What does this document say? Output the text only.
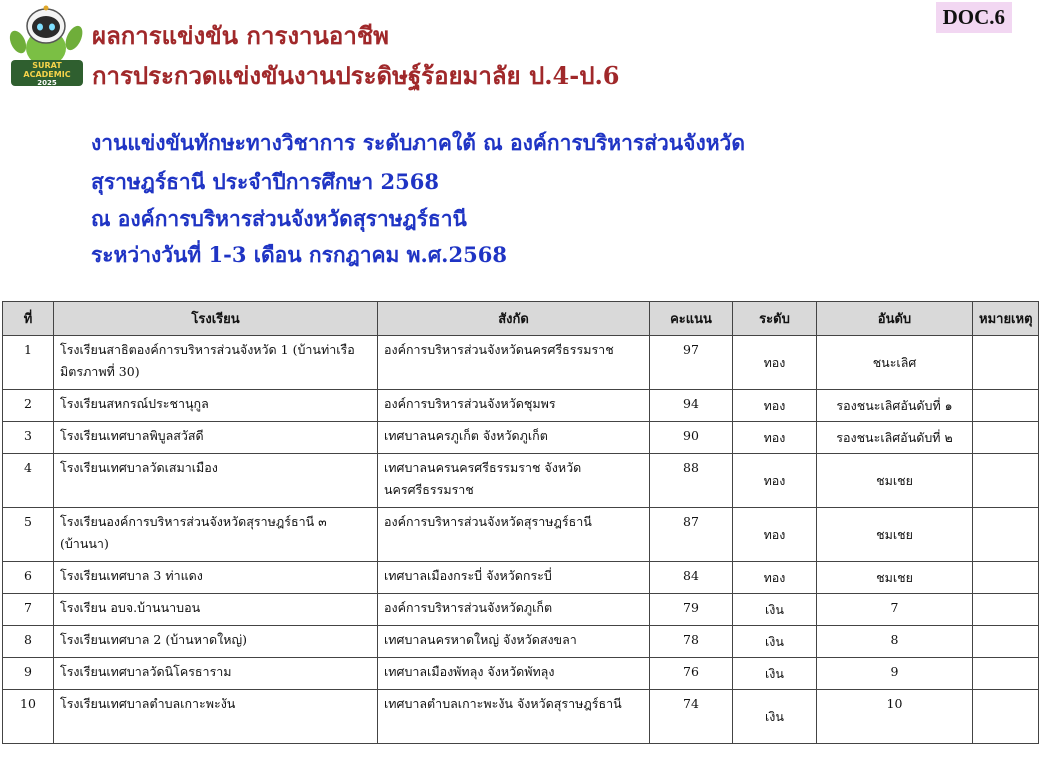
SURAT
ACADEMIC
2025
DOC.6
ผลการแข่งขัน การงานอาชีพ
การประกวดแข่งขันงานประดิษฐ์ร้อยมาลัย ป.4-ป.6
งานแข่งขันทักษะทางวิชาการ ระดับภาคใต้ ณ องค์การบริหารส่วนจังหวัด
สุราษฎร์ธานี ประจำปีการศึกษา 2568
ณ องค์การบริหารส่วนจังหวัดสุราษฎร์ธานี
ระหว่างวันที่ 1-3 เดือน กรกฎาคม พ.ศ.2568
ที่	โรงเรียน	สังกัด	คะแนน	ระดับ	อันดับ	หมายเหตุ
1	โรงเรียนสาธิตองค์การบริหารส่วนจังหวัด 1 (บ้านท่าเรือมิตรภาพที่ 30)	องค์การบริหารส่วนจังหวัดนครศรีธรรมราช	97	ทอง	ชนะเลิศ	
2	โรงเรียนสหกรณ์ประชานุกูล	องค์การบริหารส่วนจังหวัดชุมพร	94	ทอง	รองชนะเลิศอันดับที่ ๑	
3	โรงเรียนเทศบาลพิบูลสวัสดี	เทศบาลนครภูเก็ต จังหวัดภูเก็ต	90	ทอง	รองชนะเลิศอันดับที่ ๒	
4	โรงเรียนเทศบาลวัดเสมาเมือง	เทศบาลนครนครศรีธรรมราช จังหวัดนครศรีธรรมราช	88	ทอง	ชมเชย	
5	โรงเรียนองค์การบริหารส่วนจังหวัดสุราษฎร์ธานี ๓ (บ้านนา)	องค์การบริหารส่วนจังหวัดสุราษฎร์ธานี	87	ทอง	ชมเชย	
6	โรงเรียนเทศบาล 3 ท่าแดง	เทศบาลเมืองกระบี่ จังหวัดกระบี่	84	ทอง	ชมเชย	
7	โรงเรียน อบจ.บ้านนาบอน	องค์การบริหารส่วนจังหวัดภูเก็ต	79	เงิน	7	
8	โรงเรียนเทศบาล 2 (บ้านหาดใหญ่)	เทศบาลนครหาดใหญ่ จังหวัดสงขลา	78	เงิน	8	
9	โรงเรียนเทศบาลวัดนิโครธาราม	เทศบาลเมืองพัทลุง จังหวัดพัทลุง	76	เงิน	9	
10	โรงเรียนเทศบาลตำบลเกาะพะงัน	เทศบาลตำบลเกาะพะงัน จังหวัดสุราษฎร์ธานี	74	เงิน	10	
